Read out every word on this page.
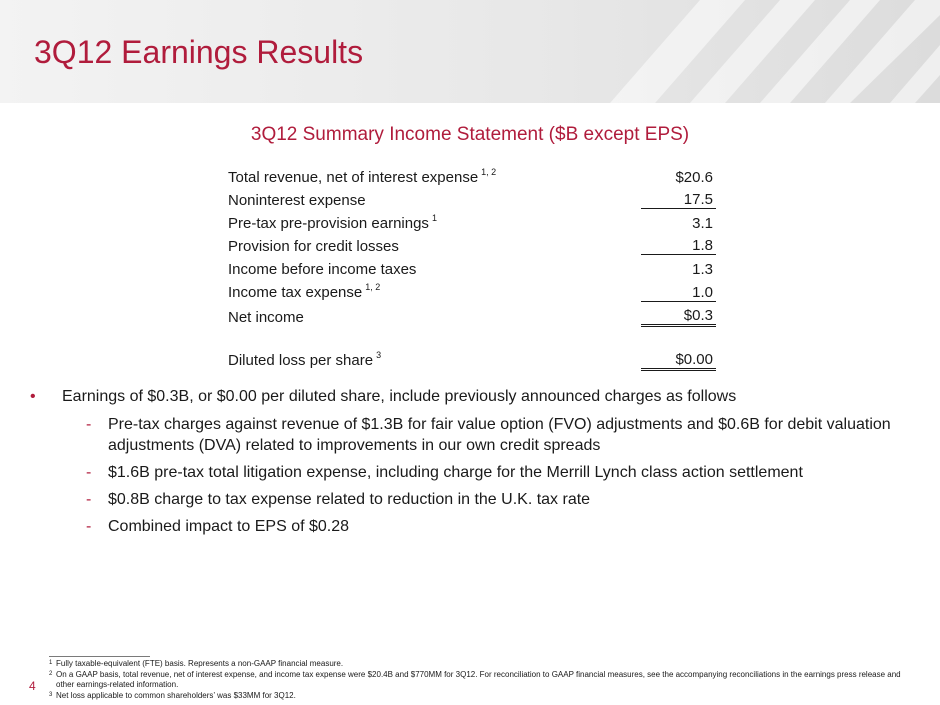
3Q12 Earnings Results
3Q12 Summary Income Statement ($B except EPS)
Total revenue, net of interest expense $^{1, 2}$	$20.6
Noninterest expense	17.5
Pre-tax pre-provision earnings $^1$	3.1
Provision for credit losses	1.8
Income before income taxes	1.3
Income tax expense $^{1, 2}$	1.0
Net income	$0.3

Diluted loss per share $^3$	$0.00
• Earnings of $0.3B, or $0.00 per diluted share, include previously announced charges as follows
- Pre-tax charges against revenue of $1.3B for fair value option (FVO) adjustments and $0.6B for debit valuation adjustments (DVA) related to improvements in our own credit spreads
- $1.6B pre-tax total litigation expense, including charge for the Merrill Lynch class action settlement
- $0.8B charge to tax expense related to reduction in the U.K. tax rate
- Combined impact to EPS of $0.28
1 Fully taxable-equivalent (FTE) basis. Represents a non-GAAP financial measure.
2 On a GAAP basis, total revenue, net of interest expense, and income tax expense were $20.4B and $770MM for 3Q12. For reconciliation to GAAP financial measures, see the accompanying reconciliations in the earnings press release and other earnings-related information.
3 Net loss applicable to common shareholders’ was $33MM for 3Q12.
4
